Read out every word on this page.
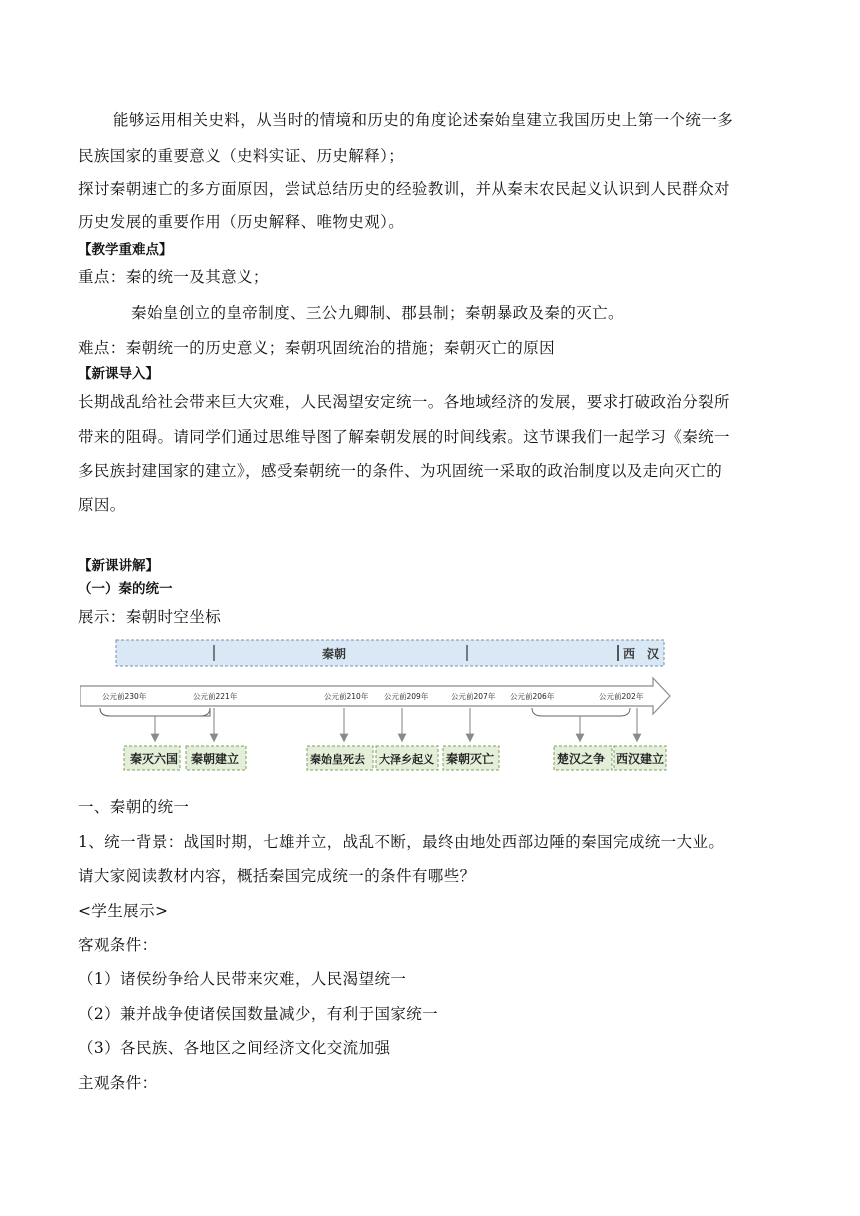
能够运用相关史料，从当时的情境和历史的角度论述秦始皇建立我国历史上第一个统一多
民族国家的重要意义（史料实证、历史解释）；
探讨秦朝速亡的多方面原因，尝试总结历史的经验教训，并从秦末农民起义认识到人民群众对
历史发展的重要作用（历史解释、唯物史观）。
【教学重难点】
重点：秦的统一及其意义；
秦始皇创立的皇帝制度、三公九卿制、郡县制；秦朝暴政及秦的灭亡。
难点：秦朝统一的历史意义；秦朝巩固统治的措施；秦朝灭亡的原因
【新课导入】
长期战乱给社会带来巨大灾难，人民渴望安定统一。各地域经济的发展，要求打破政治分裂所
带来的阻碍。请同学们通过思维导图了解秦朝发展的时间线索。这节课我们一起学习《秦统一
多民族封建国家的建立》，感受秦朝统一的条件、为巩固统一采取的政治制度以及走向灭亡的
原因。
【新课讲解】
（一）秦的统一
展示：秦朝时空坐标
秦朝	西　汉
公元前230年	公元前221年	公元前210年 公元前209年	公元前207年 公元前206年	公元前202年
秦灭六国 秦朝建立	秦始皇死去 大泽乡起义 秦朝灭亡	楚汉之争 西汉建立
一、秦朝的统一
1、统一背景：战国时期，七雄并立，战乱不断，最终由地处西部边陲的秦国完成统一大业。
请大家阅读教材内容，概括秦国完成统一的条件有哪些？
<学生展示>
客观条件：
（1）诸侯纷争给人民带来灾难，人民渴望统一
（2）兼并战争使诸侯国数量减少，有利于国家统一
（3）各民族、各地区之间经济文化交流加强
主观条件：
